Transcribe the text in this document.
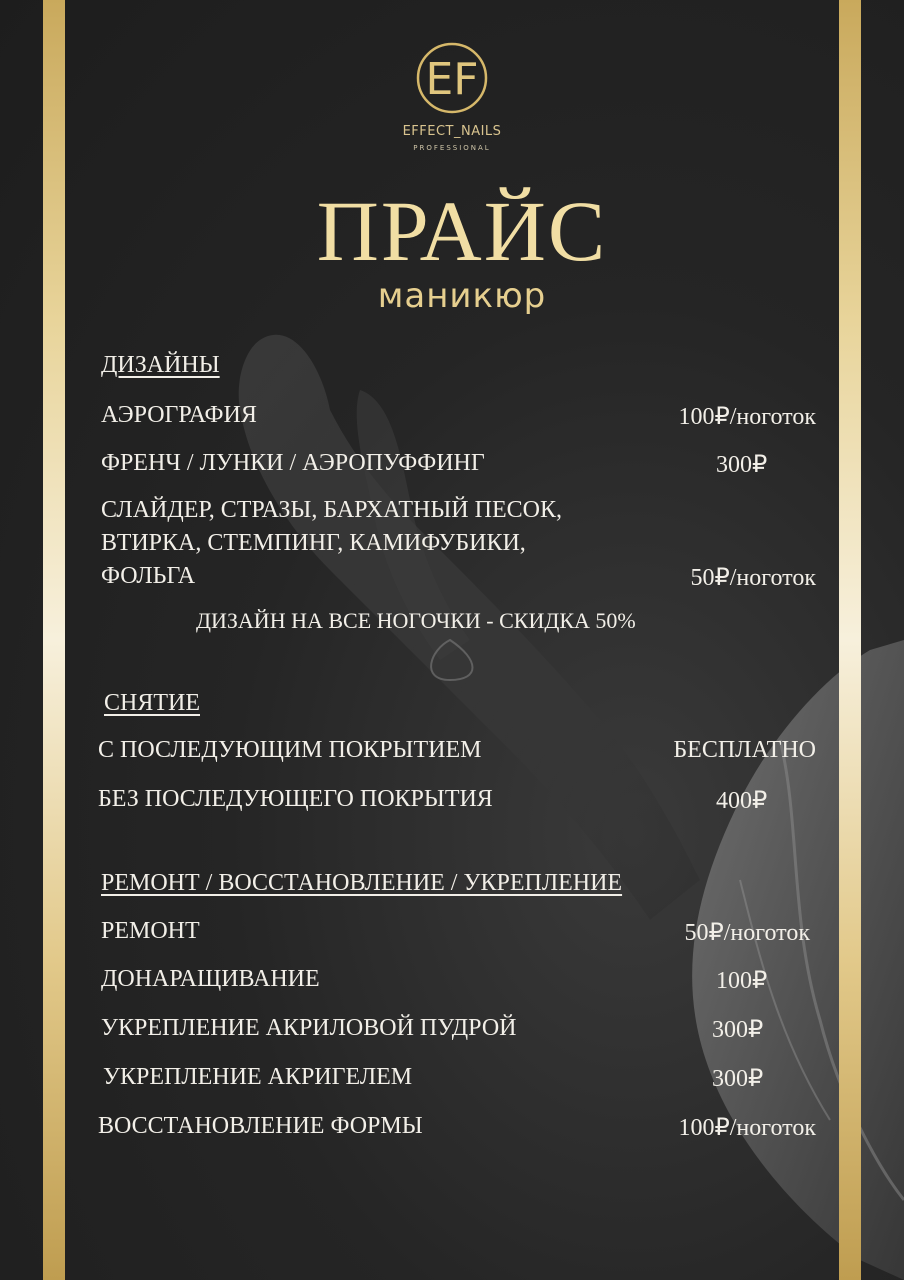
EF
EFFECT_NAILS
PROFESSIONAL
ПРАЙС
маникюр
ДИЗАЙНЫ
АЭРОГРАФИЯ	100₽/ноготок
ФРЕНЧ / ЛУНКИ / АЭРОПУФФИНГ	300₽
СЛАЙДЕР, СТРАЗЫ, БАРХАТНЫЙ ПЕСОК,
ВТИРКА, СТЕМПИНГ, КАМИФУБИКИ,
ФОЛЬГА	50₽/ноготок
ДИЗАЙН НА ВСЕ НОГОЧКИ - СКИДКА 50%
СНЯТИЕ
С ПОСЛЕДУЮЩИМ ПОКРЫТИЕМ	БЕСПЛАТНО
БЕЗ ПОСЛЕДУЮЩЕГО ПОКРЫТИЯ	400₽
РЕМОНТ / ВОССТАНОВЛЕНИЕ / УКРЕПЛЕНИЕ
РЕМОНТ	50₽/ноготок
ДОНАРАЩИВАНИЕ	100₽
УКРЕПЛЕНИЕ АКРИЛОВОЙ ПУДРОЙ	300₽
УКРЕПЛЕНИЕ АКРИГЕЛЕМ	300₽
ВОССТАНОВЛЕНИЕ ФОРМЫ	100₽/ноготок
